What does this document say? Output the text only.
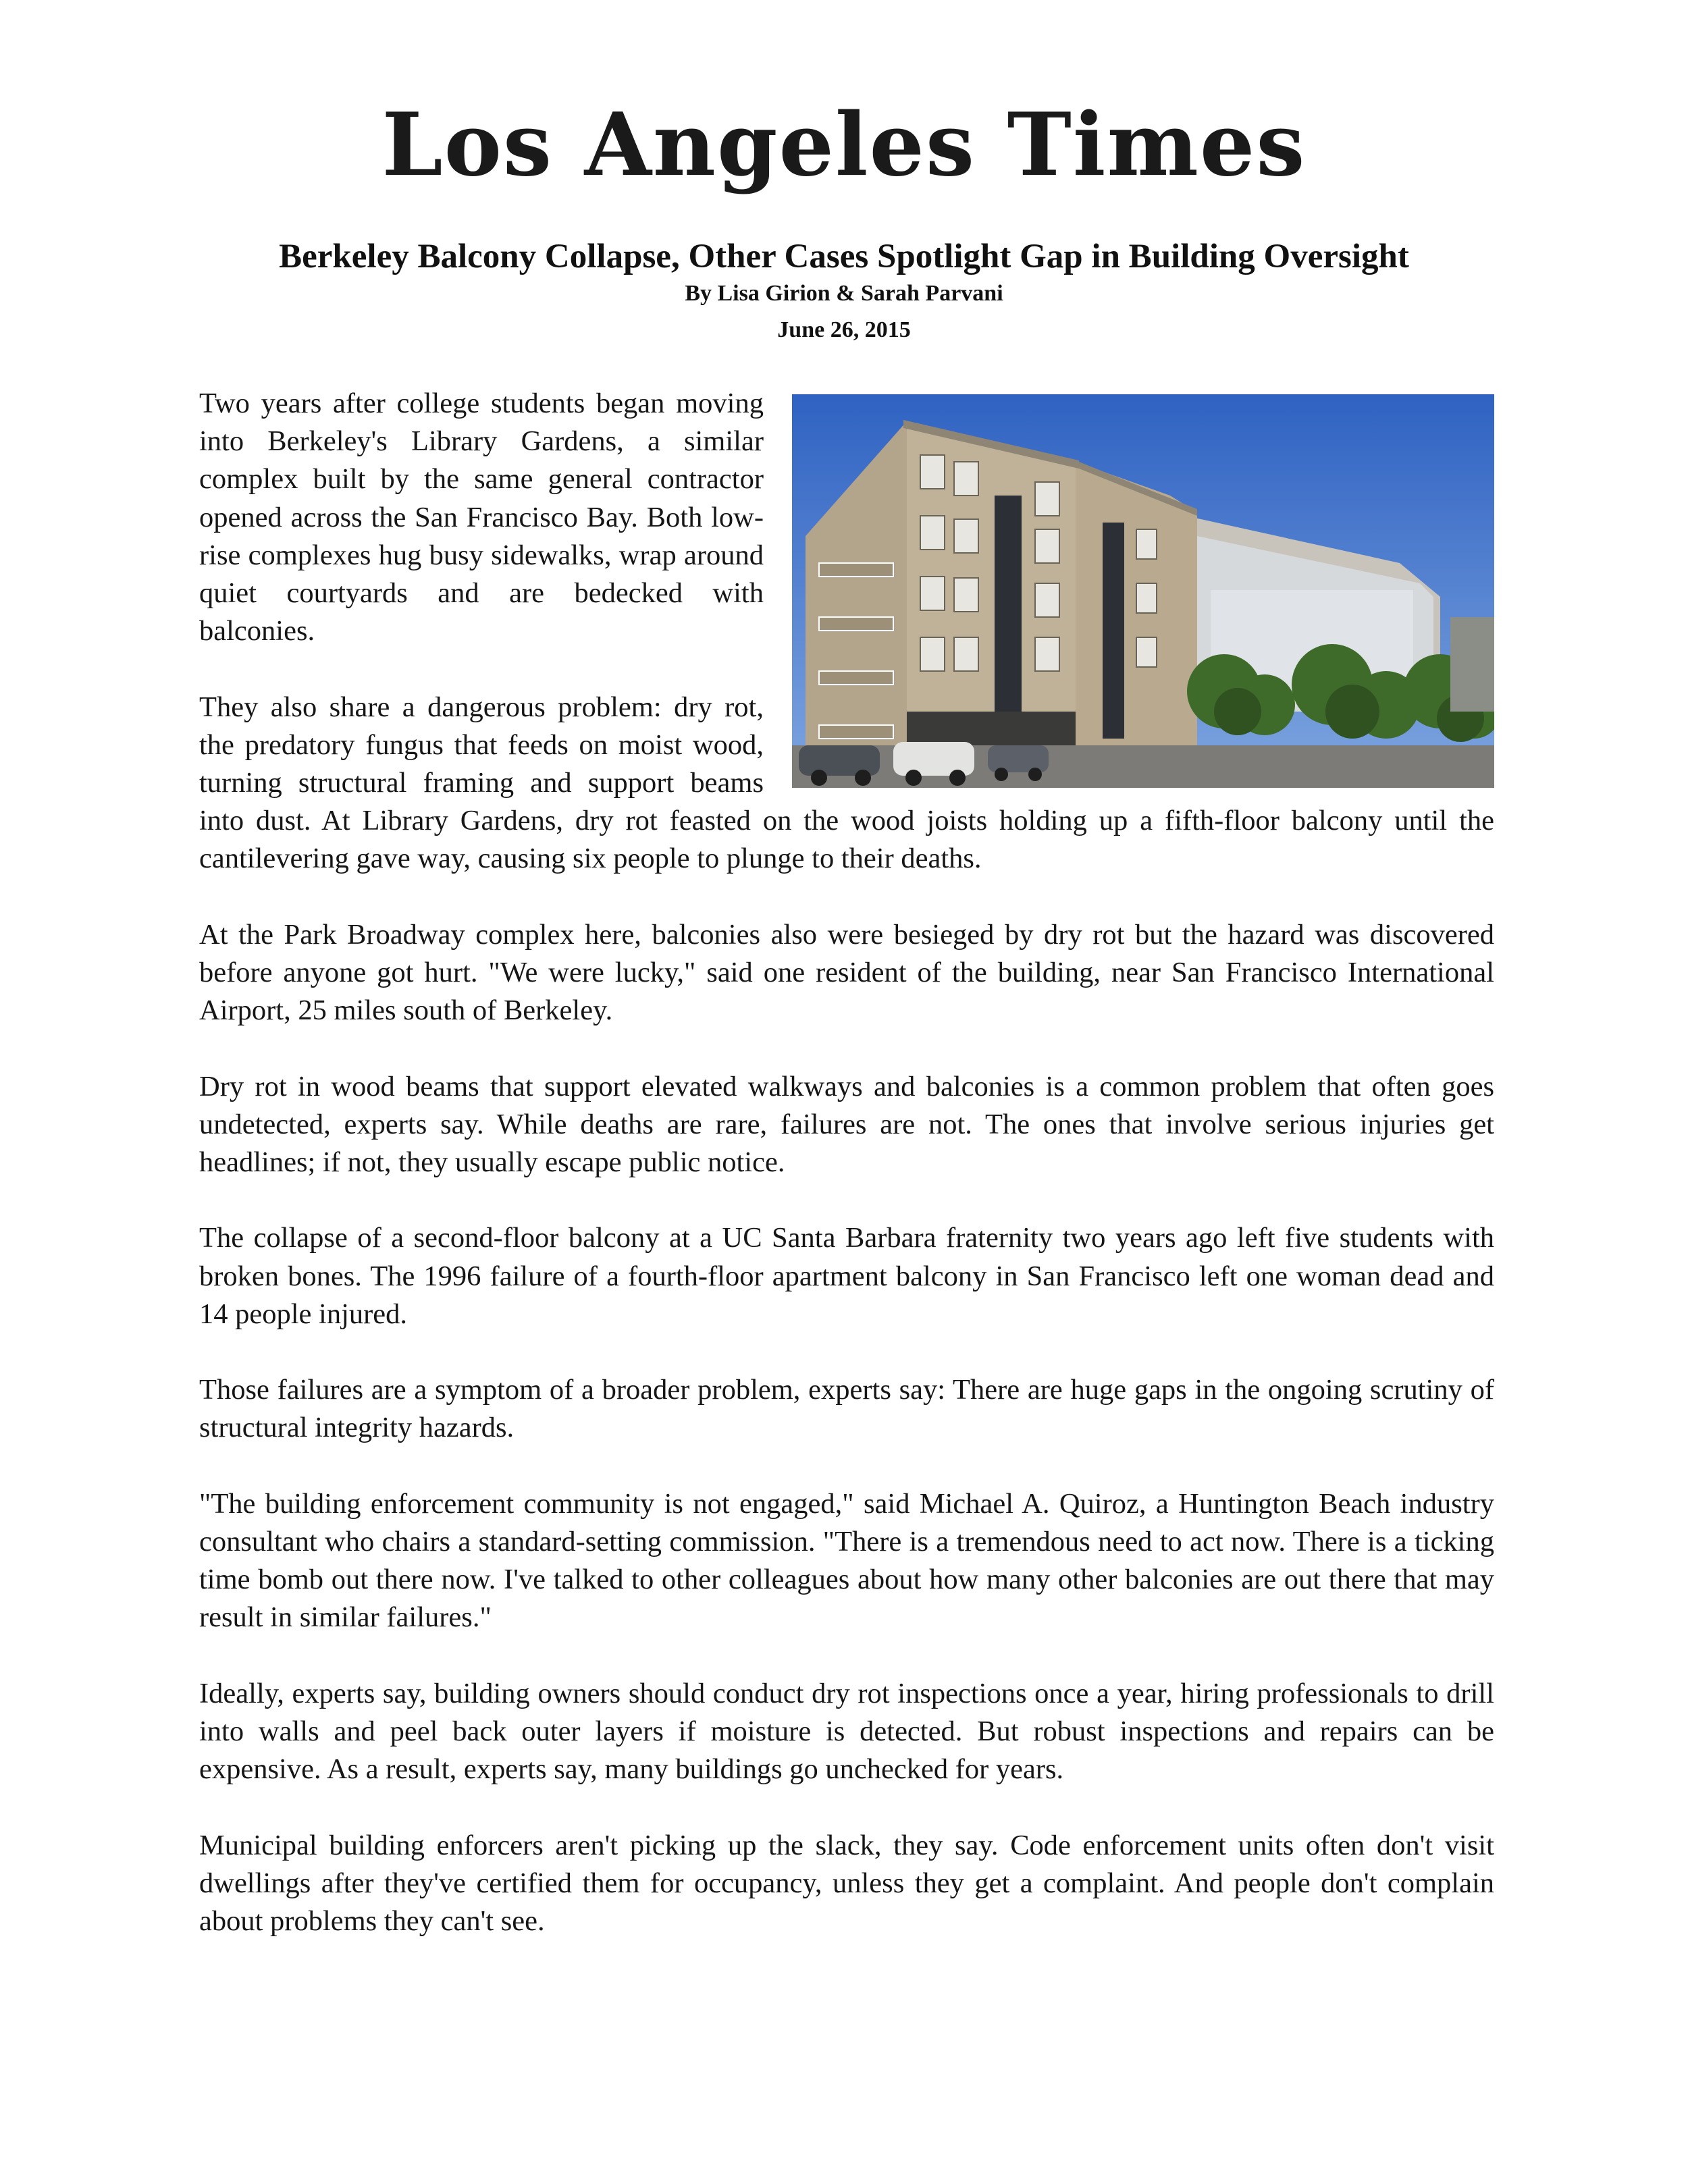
Los Angeles Times
Berkeley Balcony Collapse, Other Cases Spotlight Gap in Building Oversight
By Lisa Girion & Sarah Parvani
June 26, 2015

Two years after college students began moving into Berkeley's Library Gardens, a similar complex built by the same general contractor opened across the San Francisco Bay. Both low-rise complexes hug busy sidewalks, wrap around quiet courtyards and are bedecked with balconies.

They also share a dangerous problem: dry rot, the predatory fungus that feeds on moist wood, turning structural framing and support beams into dust. At Library Gardens, dry rot feasted on the wood joists holding up a fifth-floor balcony until the cantilevering gave way, causing six people to plunge to their deaths.

At the Park Broadway complex here, balconies also were besieged by dry rot but the hazard was discovered before anyone got hurt. "We were lucky," said one resident of the building, near San Francisco International Airport, 25 miles south of Berkeley.

Dry rot in wood beams that support elevated walkways and balconies is a common problem that often goes undetected, experts say. While deaths are rare, failures are not. The ones that involve serious injuries get headlines; if not, they usually escape public notice.

The collapse of a second-floor balcony at a UC Santa Barbara fraternity two years ago left five students with broken bones. The 1996 failure of a fourth-floor apartment balcony in San Francisco left one woman dead and 14 people injured.

Those failures are a symptom of a broader problem, experts say: There are huge gaps in the ongoing scrutiny of structural integrity hazards.

"The building enforcement community is not engaged," said Michael A. Quiroz, a Huntington Beach industry consultant who chairs a standard-setting commission. "There is a tremendous need to act now. There is a ticking time bomb out there now. I've talked to other colleagues about how many other balconies are out there that may result in similar failures."

Ideally, experts say, building owners should conduct dry rot inspections once a year, hiring professionals to drill into walls and peel back outer layers if moisture is detected. But robust inspections and repairs can be expensive. As a result, experts say, many buildings go unchecked for years.

Municipal building enforcers aren't picking up the slack, they say. Code enforcement units often don't visit dwellings after they've certified them for occupancy, unless they get a complaint. And people don't complain about problems they can't see.
